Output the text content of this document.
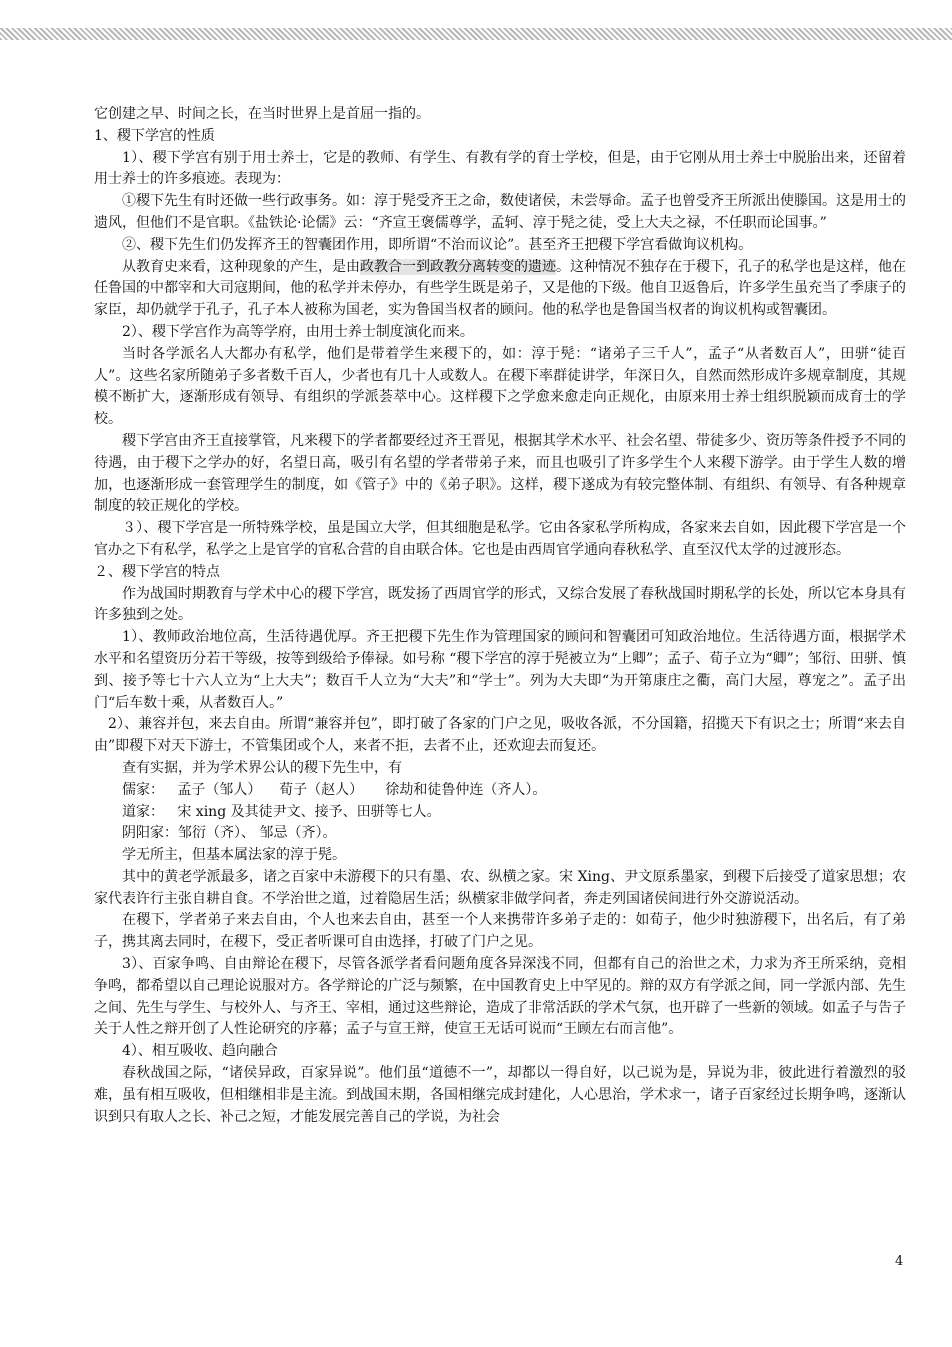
它创建之早、时间之长，在当时世界上是首屈一指的。

1、稷下学宫的性质

1）、稷下学宫有别于用士养士，它是的教师、有学生、有教有学的育士学校，但是，由于它刚从用士养士中脱胎出来，还留着用士养士的许多痕迹。表现为：

①稷下先生有时还做一些行政事务。如：淳于髡受齐王之命，数使诸侯，未尝辱命。孟子也曾受齐王所派出使滕国。这是用士的遗风，但他们不是官职。《盐铁论·论儒》云：“齐宣王褒儒尊学，孟轲、淳于髡之徒，受上大夫之禄，不任职而论国事。”

②、稷下先生们仍发挥齐王的智囊团作用，即所谓“不治而议论”。甚至齐王把稷下学宫看做询议机构。

从教育史来看，这种现象的产生，是由政教合一到政教分离转变的遗迹。这种情况不独存在于稷下，孔子的私学也是这样，他在任鲁国的中都宰和大司寇期间，他的私学并未停办，有些学生既是弟子，又是他的下级。他自卫返鲁后，许多学生虽充当了季康子的家臣，却仍就学于孔子，孔子本人被称为国老，实为鲁国当权者的顾问。他的私学也是鲁国当权者的询议机构或智囊团。

2）、稷下学宫作为高等学府，由用士养士制度演化而来。

当时各学派名人大都办有私学，他们是带着学生来稷下的，如：淳于髡：“诸弟子三千人”，孟子“从者数百人”，田骈“徒百人”。这些名家所随弟子多者数千百人，少者也有几十人或数人。在稷下率群徒讲学，年深日久，自然而然形成许多规章制度，其规模不断扩大，逐渐形成有领导、有组织的学派荟萃中心。这样稷下之学愈来愈走向正规化，由原来用士养士组织脱颖而成育士的学校。

稷下学宫由齐王直接掌管，凡来稷下的学者都要经过齐王晋见，根据其学术水平、社会名望、带徒多少、资历等条件授予不同的待遇，由于稷下之学办的好，名望日高，吸引有名望的学者带弟子来，而且也吸引了许多学生个人来稷下游学。由于学生人数的增加，也逐渐形成一套管理学生的制度，如《管子》中的《弟子职》。这样，稷下遂成为有较完整体制、有组织、有领导、有各种规章制度的较正规化的学校。

３）、稷下学宫是一所特殊学校，虽是国立大学，但其细胞是私学。它由各家私学所构成，各家来去自如，因此稷下学宫是一个官办之下有私学，私学之上是官学的官私合营的自由联合体。它也是由西周官学通向春秋私学、直至汉代太学的过渡形态。

２、稷下学宫的特点

作为战国时期教育与学术中心的稷下学宫，既发扬了西周官学的形式，又综合发展了春秋战国时期私学的长处，所以它本身具有许多独到之处。

1）、教师政治地位高，生活待遇优厚。齐王把稷下先生作为管理国家的顾问和智囊团可知政治地位。生活待遇方面，根据学术水平和名望资历分若干等级，按等到级给予俸禄。如号称 “稷下学宫的淳于髡被立为“上卿”；孟子、荀子立为“卿”；邹衍、田骈、慎到、接予等七十六人立为“上大夫”；数百千人立为“大夫”和“学士”。列为大夫即“为开第康庄之衢，高门大屋，尊宠之”。孟子出门“后车数十乘，从者数百人。”

2）、兼容并包，来去自由。所谓“兼容并包”，即打破了各家的门户之见，吸收各派，不分国籍，招揽天下有识之士；所谓“来去自由”即稷下对天下游士，不管集团或个人，来者不拒，去者不止，还欢迎去而复还。

查有实据，并为学术界公认的稷下先生中，有

儒家：   孟子（邹人）    荀子（赵人）     徐劫和徒鲁仲连（齐人）。

道家：   宋 xing 及其徒尹文、接予、田骈等七人。

阴阳家：邹衍（齐）、 邹忌（齐）。

学无所主，但基本属法家的淳于髡。

其中的黄老学派最多，诸之百家中未游稷下的只有墨、农、纵横之家。宋 Xing、尹文原系墨家，到稷下后接受了道家思想；农家代表许行主张自耕自食。不学治世之道，过着隐居生活；纵横家非做学问者，奔走列国诸侯间进行外交游说活动。

在稷下，学者弟子来去自由，个人也来去自由，甚至一个人来携带许多弟子走的：如荀子，他少时独游稷下，出名后，有了弟子，携其离去同时，在稷下，受正者听课可自由选择，打破了门户之见。

3）、百家争鸣、自由辩论在稷下，尽管各派学者看问题角度各异深浅不同，但都有自己的治世之术，力求为齐王所采纳，竞相争鸣，都希望以自己理论说服对方。各学辩论的广泛与频繁，在中国教育史上中罕见的。辩的双方有学派之间，同一学派内部、先生之间、先生与学生、与校外人、与齐王、宰相，通过这些辩论，造成了非常活跃的学术气氛，也开辟了一些新的领域。如孟子与告子关于人性之辩开创了人性论研究的序幕；孟子与宣王辩，使宣王无话可说而“王顾左右而言他”。

4）、相互吸收、趋向融合

春秋战国之际，“诸侯异政，百家异说”。他们虽“道德不一”，却都以一得自好，以己说为是，异说为非，彼此进行着激烈的驳难，虽有相互吸收，但相继相非是主流。到战国末期，各国相继完成封建化，人心思治，学术求一，诸子百家经过长期争鸣，逐渐认识到只有取人之长、补己之短，才能发展完善自己的学说，为社会

4
